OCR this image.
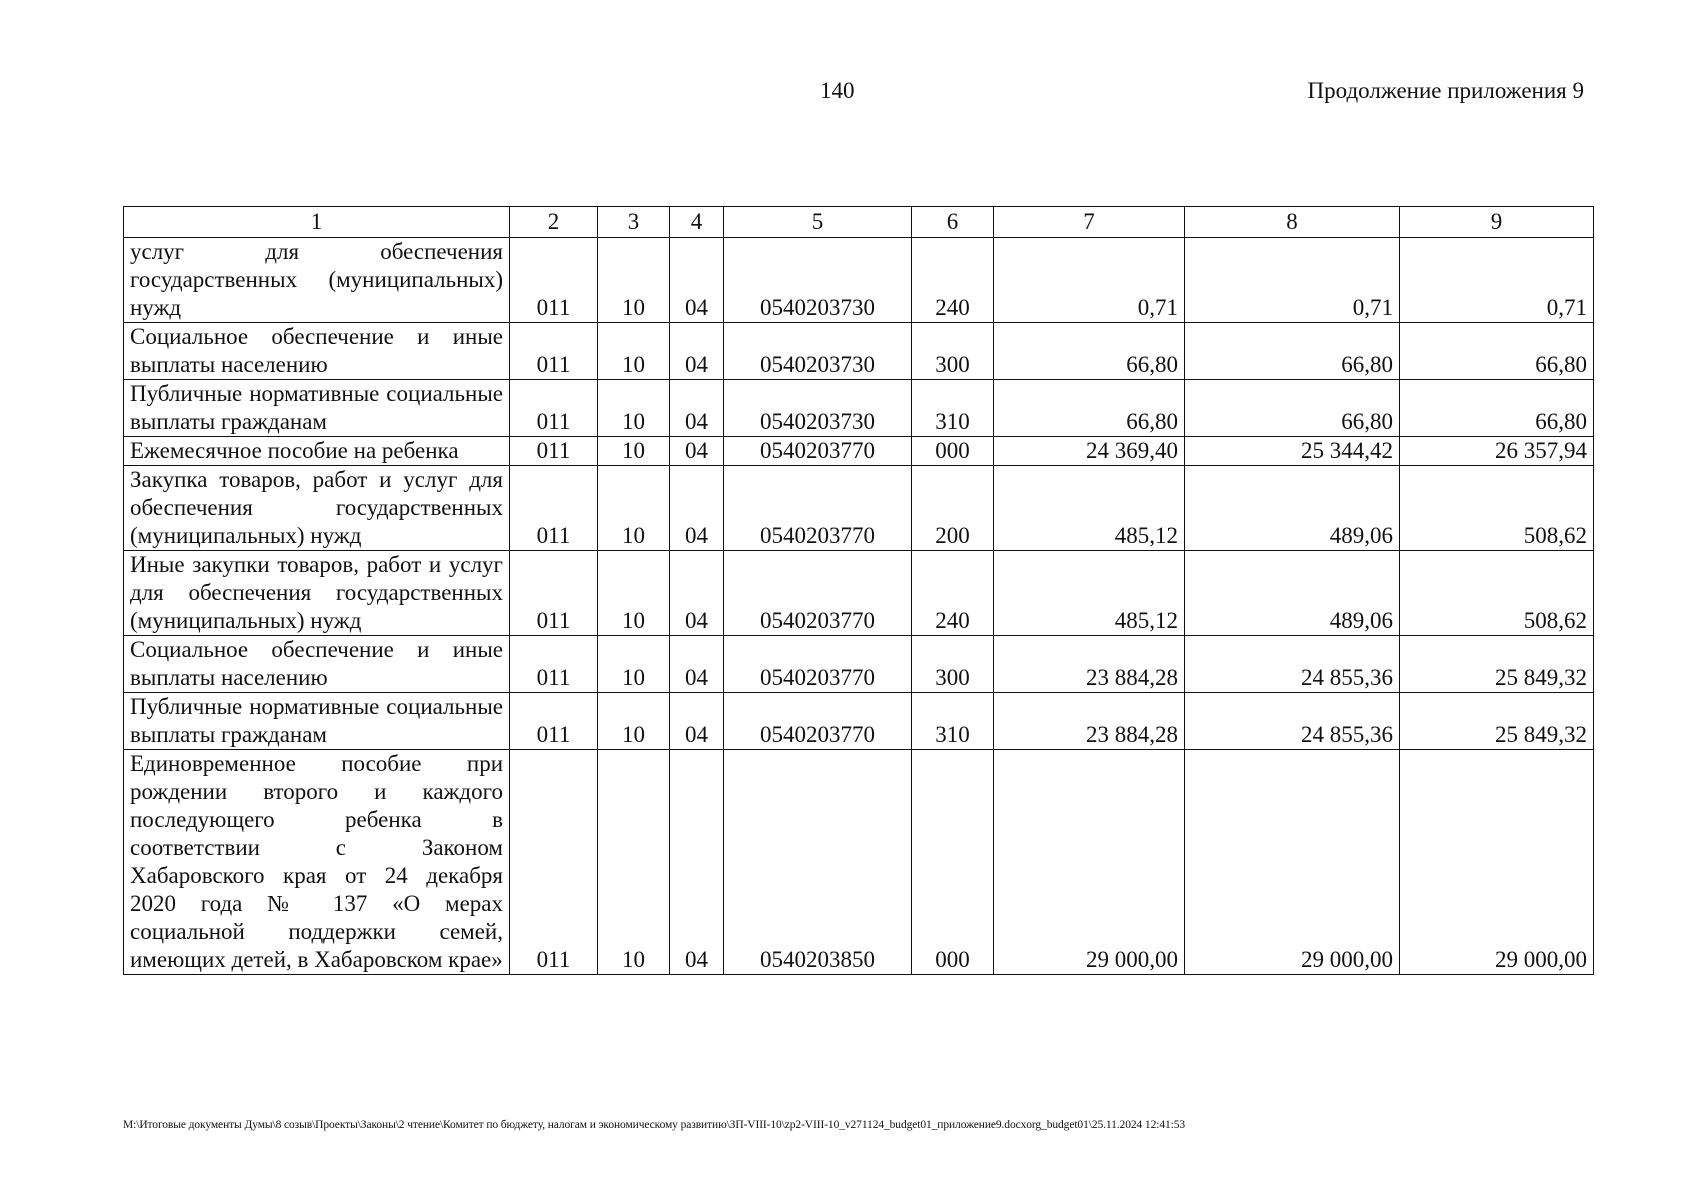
140	Продолжение приложения 9
1	2	3	4	5	6	7	8	9
услуг для обеспечения государственных (муниципальных) нужд	011	10	04	0540203730	240	0,71	0,71	0,71
Социальное обеспечение и иные выплаты населению	011	10	04	0540203730	300	66,80	66,80	66,80
Публичные нормативные социальные выплаты гражданам	011	10	04	0540203730	310	66,80	66,80	66,80
Ежемесячное пособие на ребенка	011	10	04	0540203770	000	24 369,40	25 344,42	26 357,94
Закупка товаров, работ и услуг для обеспечения государственных (муниципальных) нужд	011	10	04	0540203770	200	485,12	489,06	508,62
Иные закупки товаров, работ и услуг для обеспечения государственных (муниципальных) нужд	011	10	04	0540203770	240	485,12	489,06	508,62
Социальное обеспечение и иные выплаты населению	011	10	04	0540203770	300	23 884,28	24 855,36	25 849,32
Публичные нормативные социальные выплаты гражданам	011	10	04	0540203770	310	23 884,28	24 855,36	25 849,32
Единовременное пособие при рождении второго и каждого последующего ребенка в соответствии с Законом Хабаровского края от 24 декабря 2020 года № 137 «О мерах социальной поддержки семей, имеющих детей, в Хабаровском крае»	011	10	04	0540203850	000	29 000,00	29 000,00	29 000,00
М:\Итоговые документы Думы\8 созыв\Проекты\Законы\2 чтение\Комитет по бюджету, налогам и экономическому развитию\ЗП-VIII-10\zp2-VIII-10_v271124_budget01_приложение9.docxorg_budget01\25.11.2024 12:41:53
